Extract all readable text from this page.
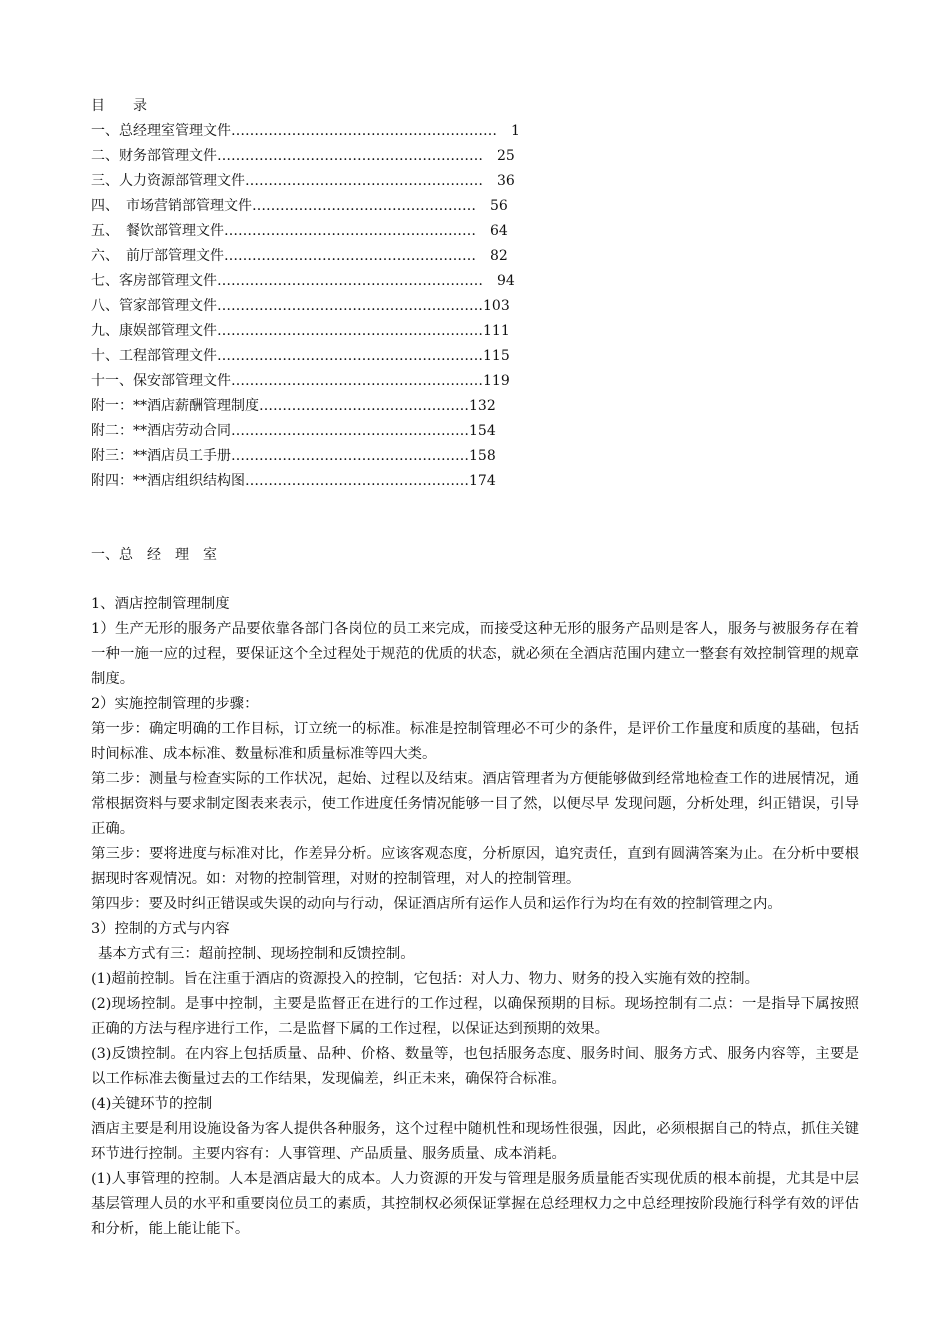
目　　录
一、总经理室管理文件…………………………………………………　1
二、财务部管理文件…………………………………………………　25
三、人力资源部管理文件……………………………………………　36
四、　市场营销部管理文件…………………………………………　56
五、　餐饮部管理文件………………………………………………　64
六、　前厅部管理文件………………………………………………　82
七、客房部管理文件…………………………………………………　94
八、管家部管理文件…………………………………………………103
九、康娱部管理文件…………………………………………………111
十、工程部管理文件…………………………………………………115
十一、保安部管理文件………………………………………………119
附一：**酒店薪酬管理制度………………………………………132
附二：**酒店劳动合同……………………………………………154
附三：**酒店员工手册……………………………………………158
附四：**酒店组织结构图…………………………………………174
一、总　经　理　室

1、酒店控制管理制度

1）生产无形的服务产品要依靠各部门各岗位的员工来完成，而接受这种无形的服务产品则是客人，服务与被服务存在着一种一施一应的过程，要保证这个全过程处于规范的优质的状态，就必须在全酒店范围内建立一整套有效控制管理的规章制度。

2）实施控制管理的步骤：

第一步：确定明确的工作目标，订立统一的标准。标准是控制管理必不可少的条件，是评价工作量度和质度的基础，包括时间标准、成本标准、数量标准和质量标准等四大类。

第二步：测量与检查实际的工作状况，起始、过程以及结束。酒店管理者为方便能够做到经常地检查工作的进展情况，通常根据资料与要求制定图表来表示，使工作进度任务情况能够一目了然，以便尽早 发现问题，分析处理，纠正错误，引导正确。

第三步：要将进度与标准对比，作差异分析。应该客观态度，分析原因，追究责任，直到有圆满答案为止。在分析中要根据现时客观情况。如：对物的控制管理，对财的控制管理，对人的控制管理。

第四步：要及时纠正错误或失误的动向与行动，保证酒店所有运作人员和运作行为均在有效的控制管理之内。

3）控制的方式与内容

基本方式有三：超前控制、现场控制和反馈控制。

(1)超前控制。旨在注重于酒店的资源投入的控制，它包括：对人力、物力、财务的投入实施有效的控制。

(2)现场控制。是事中控制，主要是监督正在进行的工作过程，以确保预期的目标。现场控制有二点：一是指导下属按照正确的方法与程序进行工作，二是监督下属的工作过程，以保证达到预期的效果。

(3)反馈控制。在内容上包括质量、品种、价格、数量等，也包括服务态度、服务时间、服务方式、服务内容等，主要是以工作标准去衡量过去的工作结果，发现偏差，纠正未来，确保符合标准。

(4)关键环节的控制

酒店主要是利用设施设备为客人提供各种服务，这个过程中随机性和现场性很强，因此，必须根据自己的特点，抓住关键环节进行控制。主要内容有：人事管理、产品质量、服务质量、成本消耗。

(1)人事管理的控制。人本是酒店最大的成本。人力资源的开发与管理是服务质量能否实现优质的根本前提，尤其是中层基层管理人员的水平和重要岗位员工的素质，其控制权必须保证掌握在总经理权力之中总经理按阶段施行科学有效的评估和分析，能上能让能下。
